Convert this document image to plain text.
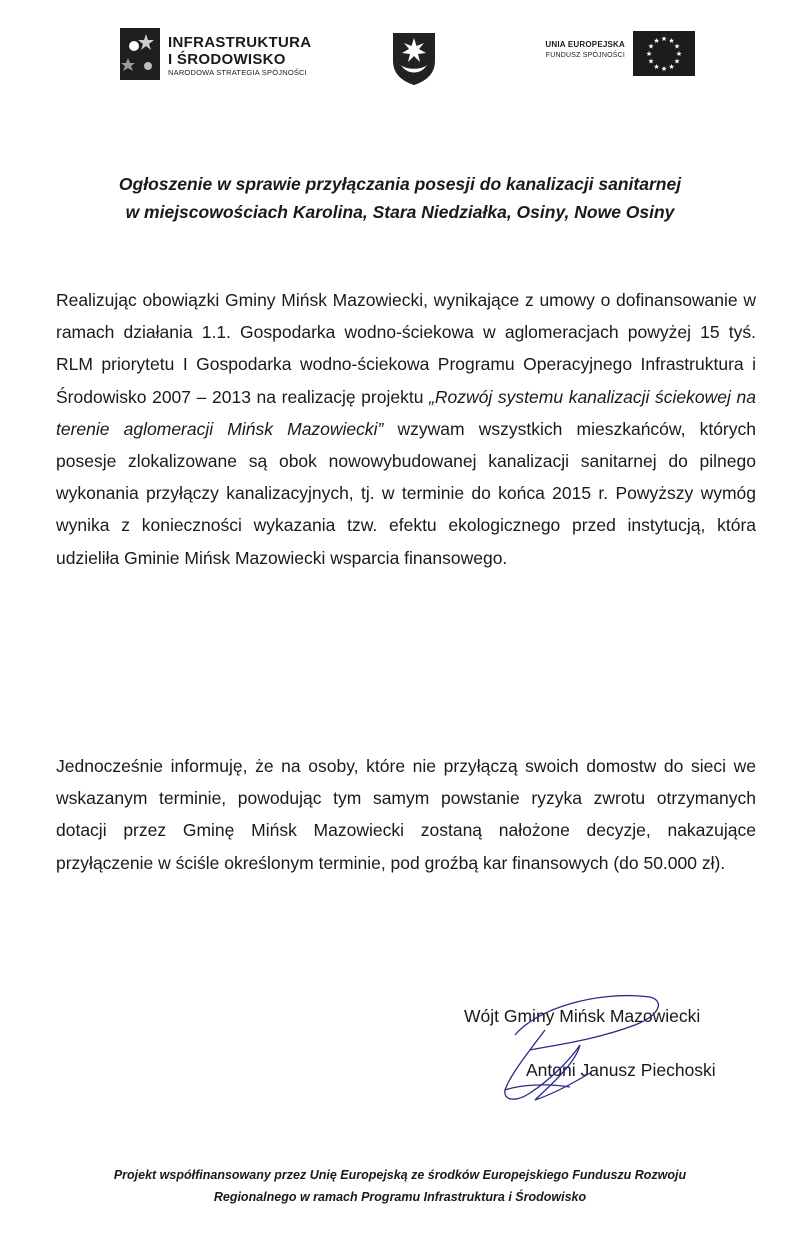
INFRASTRUKTURA
I ŚRODOWISKO
NARODOWA STRATEGIA SPÓJNOŚCI
UNIA EUROPEJSKA
FUNDUSZ SPÓJNOŚCI
★ ★
★
★
★
★
★
★
★
★
★
★
Ogłoszenie w sprawie przyłączania posesji do kanalizacji sanitarnej
w miejscowościach Karolina, Stara Niedziałka, Osiny, Nowe Osiny
Realizując obowiązki Gminy Mińsk Mazowiecki, wynikające z umowy o dofinansowanie w ramach działania 1.1. Gospodarka wodno-ściekowa w aglomeracjach powyżej 15 tyś. RLM priorytetu I Gospodarka wodno-ściekowa Programu Operacyjnego Infrastruktura i Środowisko 2007 – 2013 na realizację projektu „Rozwój systemu kanalizacji ściekowej na terenie aglomeracji Mińsk Mazowiecki” wzywam wszystkich mieszkańców, których posesje zlokalizowane są obok nowowybudowanej kanalizacji sanitarnej do pilnego wykonania przyłączy kanalizacyjnych, tj. w terminie do końca 2015 r. Powyższy wymóg wynika z konieczności wykazania tzw. efektu ekologicznego przed instytucją, która udzieliła Gminie Mińsk Mazowiecki wsparcia finansowego.
Jednocześnie informuję, że na osoby, które nie przyłączą swoich domostw do sieci we wskazanym terminie, powodując tym samym powstanie ryzyka zwrotu otrzymanych dotacji przez Gminę Mińsk Mazowiecki zostaną nałożone decyzje, nakazujące przyłączenie w ściśle określonym terminie, pod groźbą kar finansowych (do 50.000 zł).
Wójt Gminy Mińsk Mazowiecki
Antoni Janusz Piechoski
Projekt współfinansowany przez Unię Europejską ze środków Europejskiego Funduszu Rozwoju
Regionalnego w ramach Programu Infrastruktura i Środowisko
